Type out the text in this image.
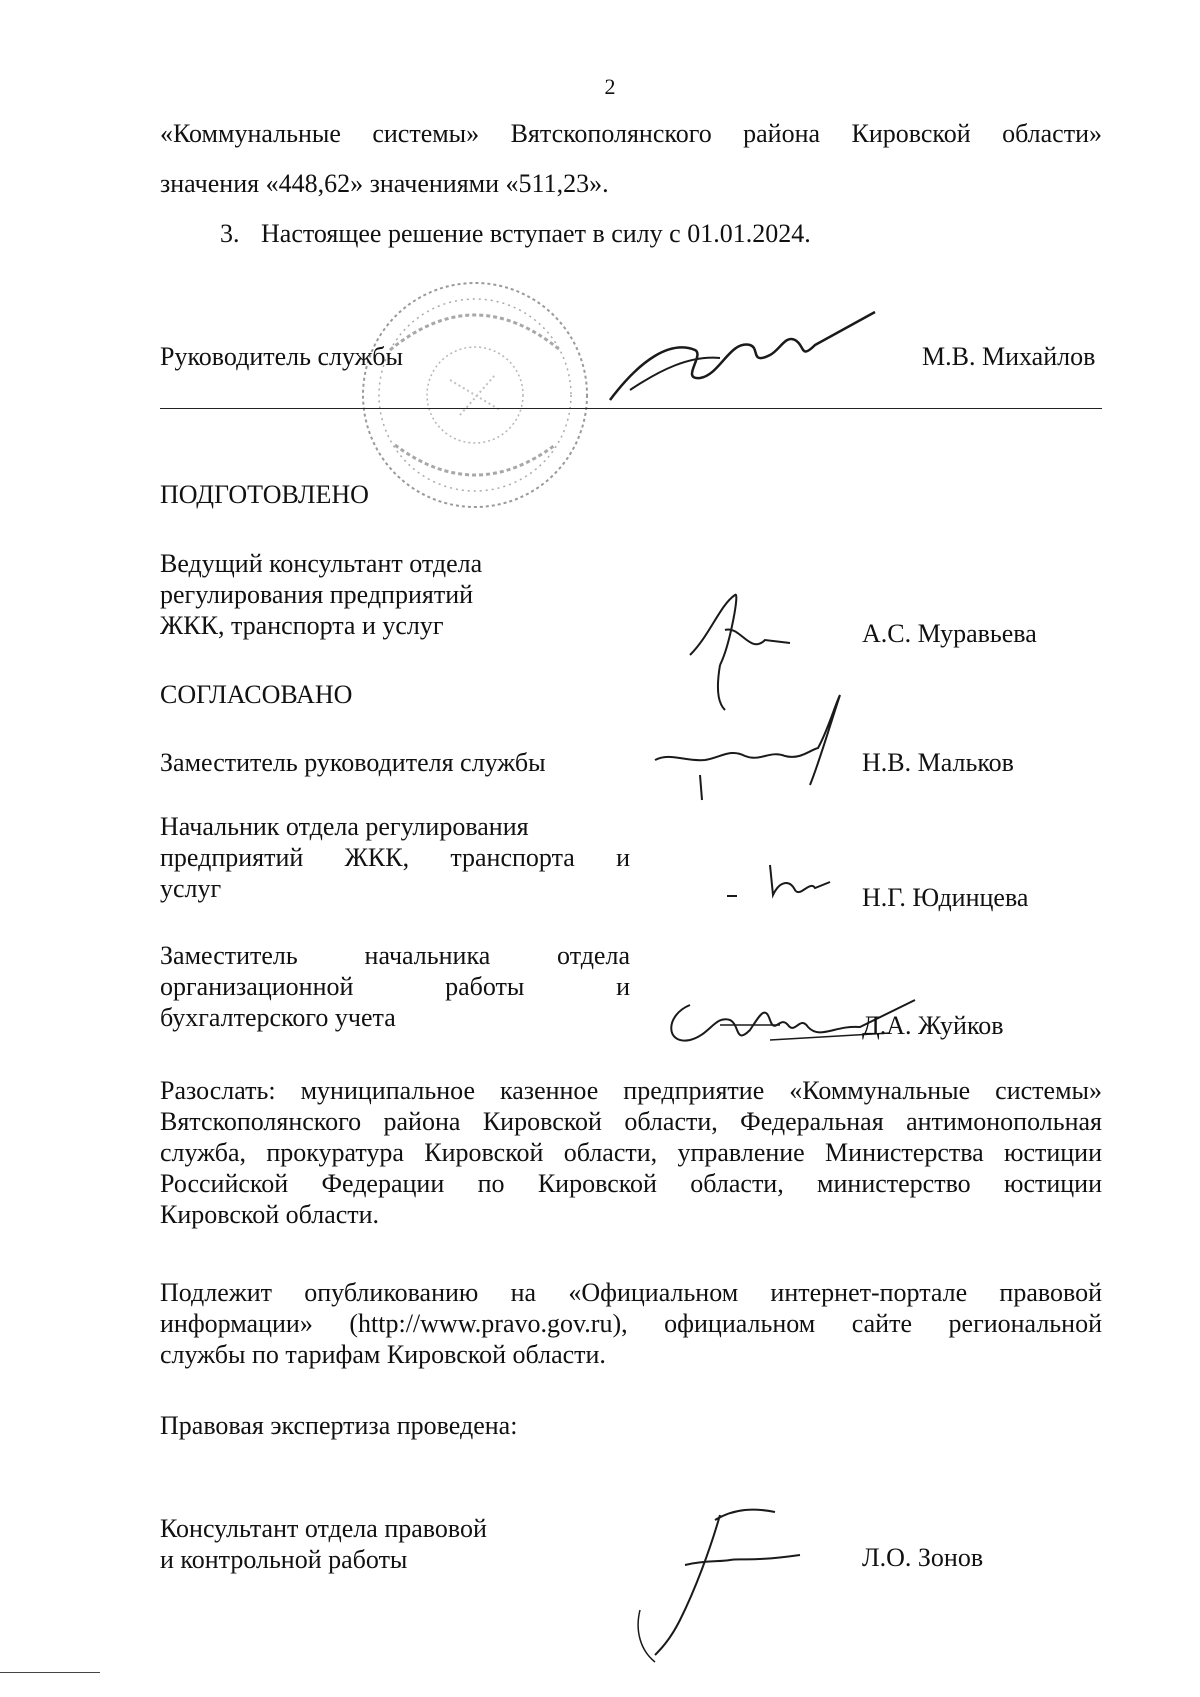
2
«Коммунальные системы» Вятскополянского района Кировской области»
значения «448,62» значениями «511,23».
3. Настоящее решение вступает в силу с 01.01.2024.
Руководитель службы	М.В. Михайлов
ПОДГОТОВЛЕНО
Ведущий консультант отдела
регулирования предприятий
ЖКК, транспорта и услуг	А.С. Муравьева
СОГЛАСОВАНО
Заместитель руководителя службы	Н.В. Мальков
Начальник отдела регулирования
предприятий ЖКК, транспорта и
услуг	Н.Г. Юдинцева
Заместитель начальника отдела
организационной работы и
бухгалтерского учета	Д.А. Жуйков
Разослать: муниципальное казенное предприятие «Коммунальные системы»
Вятскополянского района Кировской области, Федеральная антимонопольная
служба, прокуратура Кировской области, управление Министерства юстиции
Российской Федерации по Кировской области, министерство юстиции
Кировской области.
Подлежит опубликованию на «Официальном интернет-портале правовой
информации» (http://www.pravo.gov.ru), официальном сайте региональной
службы по тарифам Кировской области.
Правовая экспертиза проведена:
Консультант отдела правовой
и контрольной работы	Л.О. Зонов
